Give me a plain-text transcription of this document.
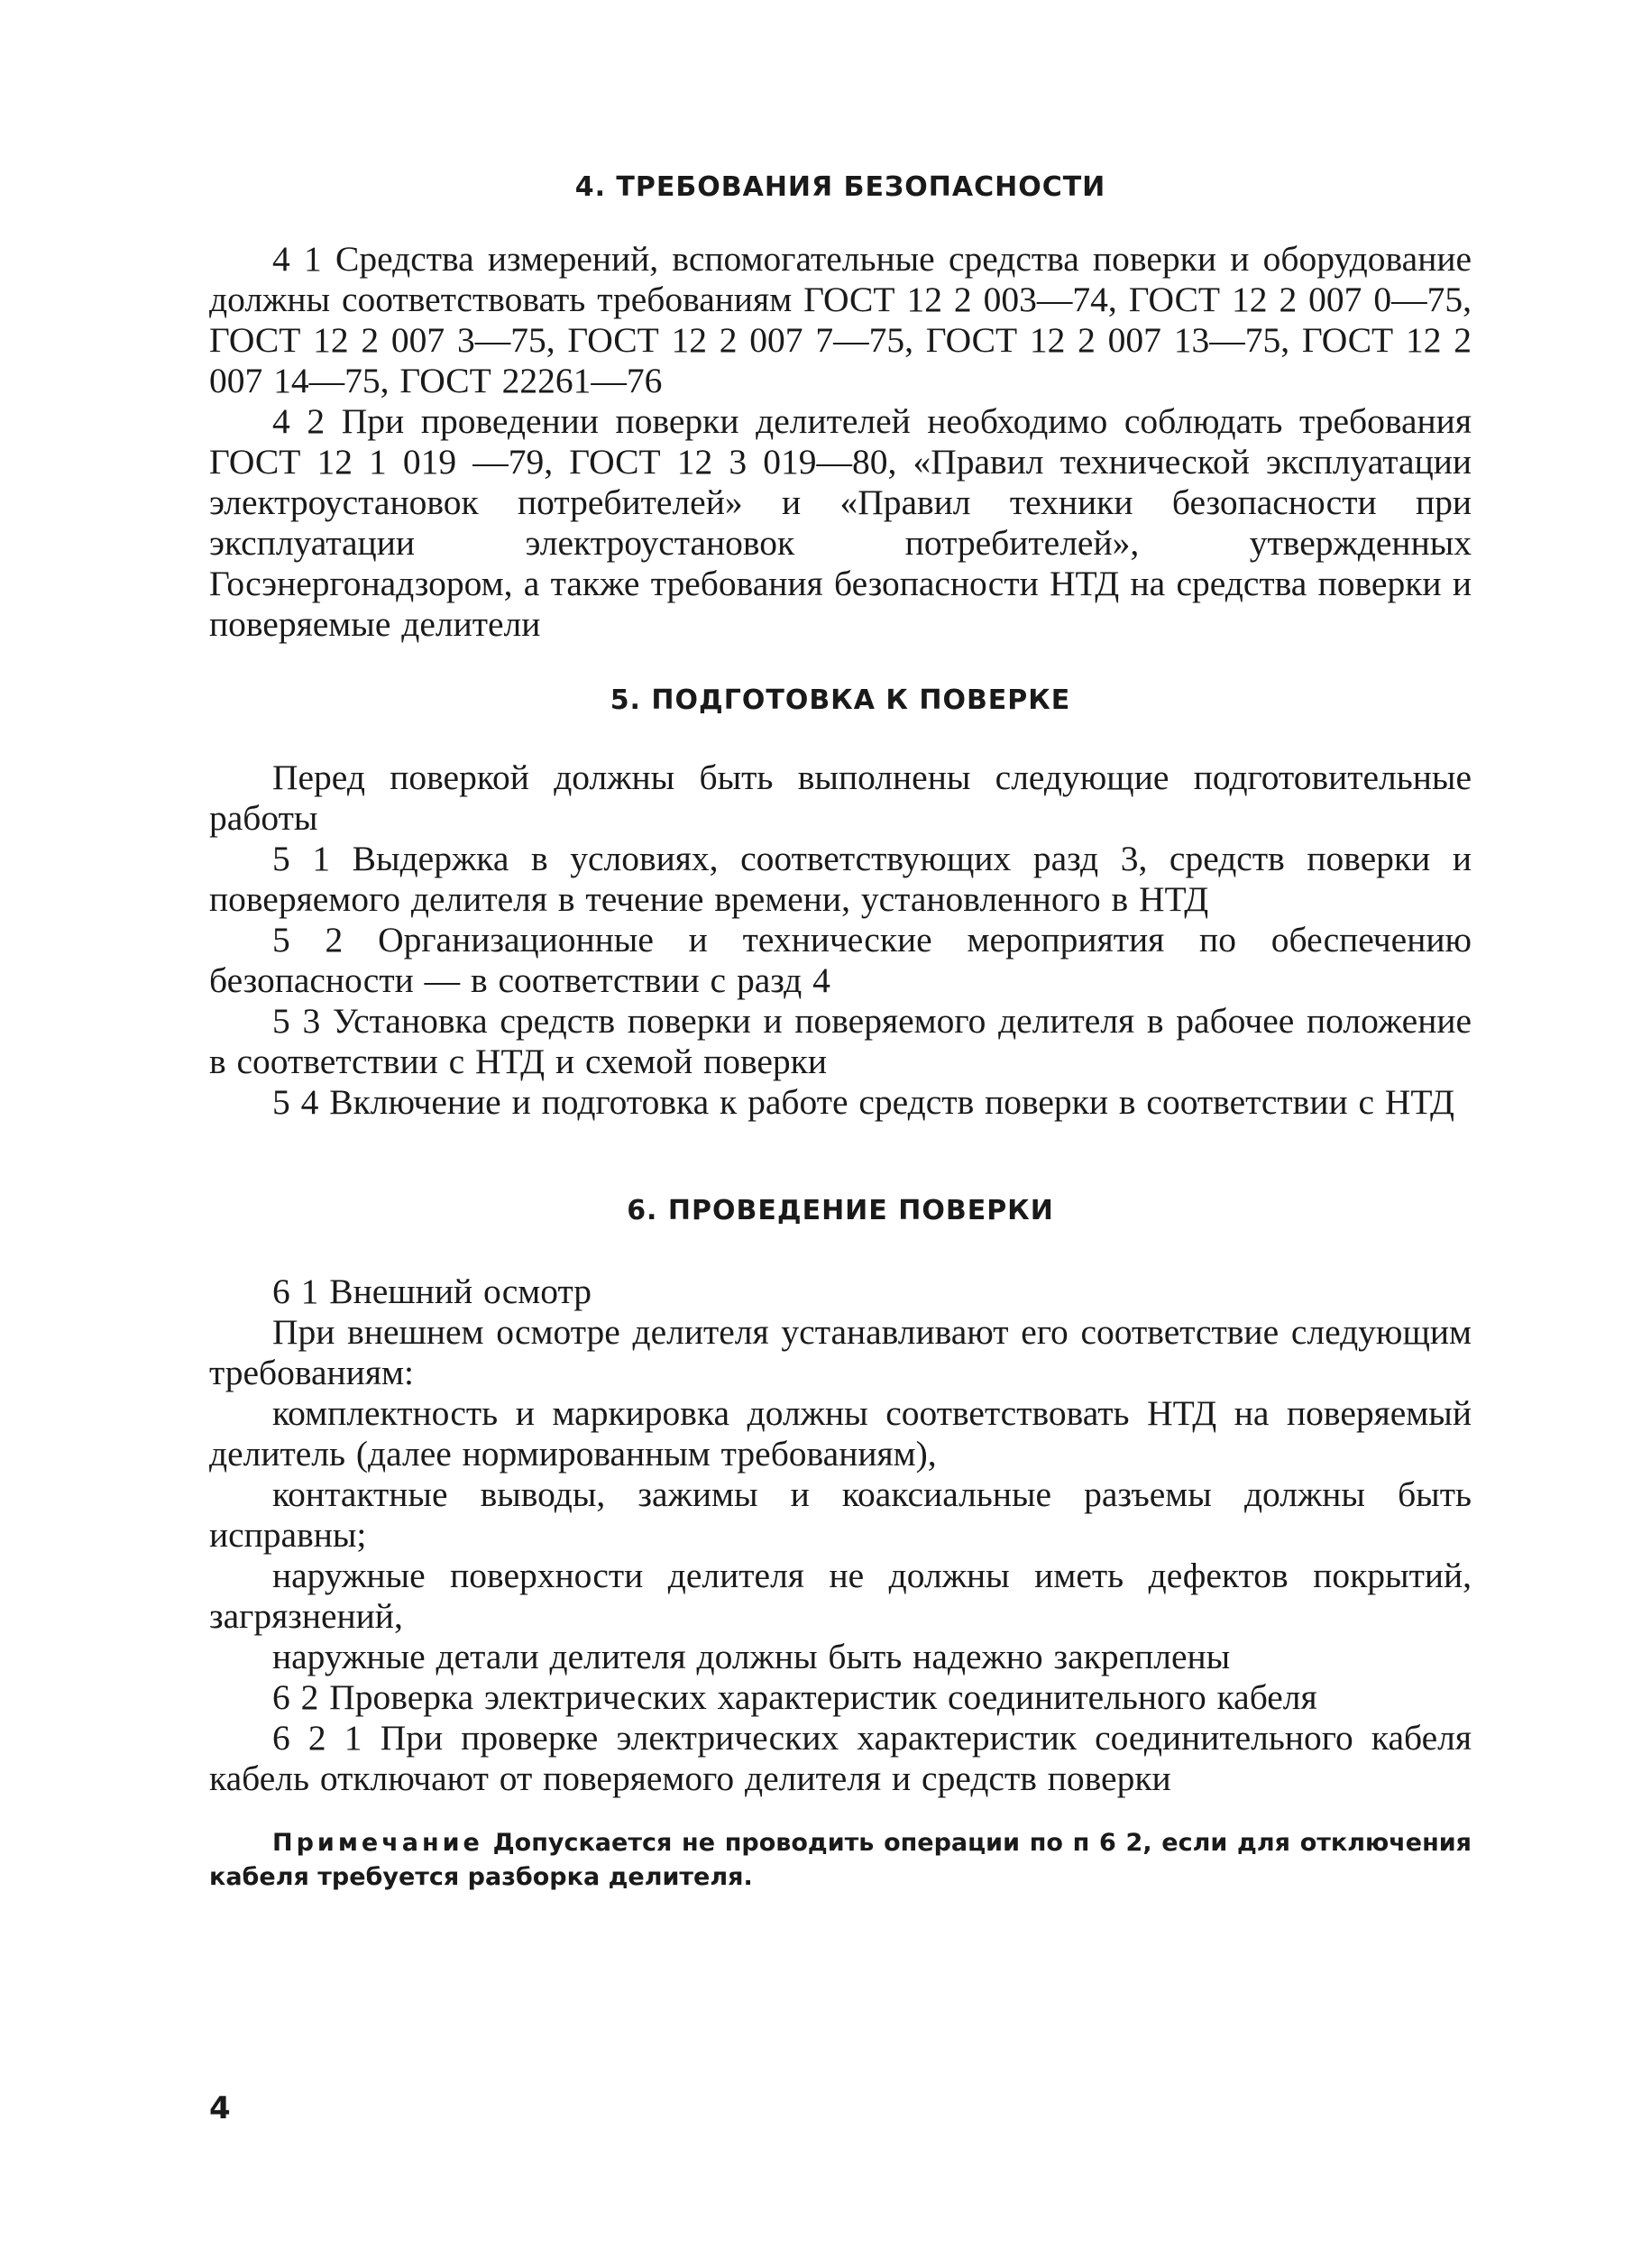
4. ТРЕБОВАНИЯ БЕЗОПАСНОСТИ

4 1 Средства измерений, вспомогательные средства поверки и оборудование должны соответствовать требованиям ГОСТ 12 2 003—74, ГОСТ 12 2 007 0—75, ГОСТ 12 2 007 3—75, ГОСТ 12 2 007 7—75, ГОСТ 12 2 007 13—75, ГОСТ 12 2 007 14—75, ГОСТ 22261—76

4 2 При проведении поверки делителей необходимо соблюдать требования ГОСТ 12 1 019 —79, ГОСТ 12 3 019—80, «Правил технической эксплуатации электроустановок потребителей» и «Правил техники безопасности при эксплуатации электроустановок потребителей», утвержденных Госэнергонадзором, а также требования безопасности НТД на средства поверки и поверяемые делители

5. ПОДГОТОВКА К ПОВЕРКЕ

Перед поверкой должны быть выполнены следующие подготовительные работы

5 1 Выдержка в условиях, соответствующих разд 3, средств поверки и поверяемого делителя в течение времени, установленного в НТД

5 2 Организационные и технические мероприятия по обеспечению безопасности — в соответствии с разд 4

5 3 Установка средств поверки и поверяемого делителя в рабочее положение в соответствии с НТД и схемой поверки

5 4 Включение и подготовка к работе средств поверки в соответствии с НТД

6. ПРОВЕДЕНИЕ ПОВЕРКИ

6 1 Внешний осмотр

При внешнем осмотре делителя устанавливают его соответствие следующим требованиям:

комплектность и маркировка должны соответствовать НТД на поверяемый делитель (далее нормированным требованиям),

контактные выводы, зажимы и коаксиальные разъемы должны быть исправны;

наружные поверхности делителя не должны иметь дефектов покрытий, загрязнений,

наружные детали делителя должны быть надежно закреплены

6 2 Проверка электрических характеристик соединительного кабеля

6 2 1 При проверке электрических характеристик соединительного кабеля кабель отключают от поверяемого делителя и средств поверки

Примечание Допускается не проводить операции по п 6 2, если для отключения кабеля требуется разборка делителя.

4
